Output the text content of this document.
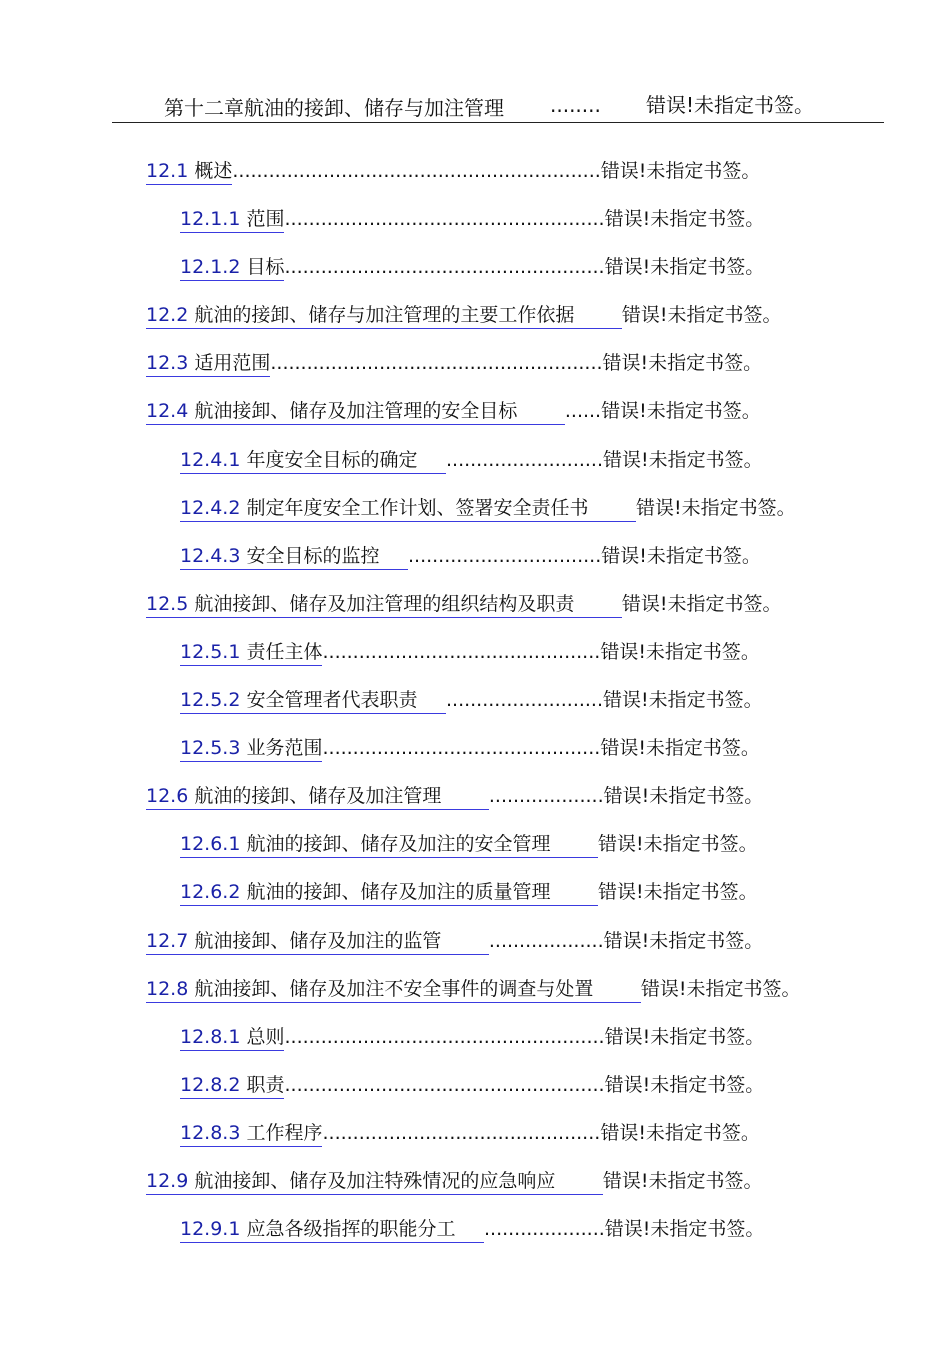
第十二章航油的接卸、储存与加注管理 ........ 错误!未指定书签。
12.1 概述 ............................................................. 错误!未指定书签。
12.1.1 范围 ..................................................... 错误!未指定书签。
12.1.2 目标 ..................................................... 错误!未指定书签。
12.2 航油的接卸、储存与加注管理的主要工作依据     错误!未指定书签。
12.3 适用范围 ....................................................... 错误!未指定书签。
12.4 航油接卸、储存及加注管理的安全目标     ...... 错误!未指定书签。
12.4.1 年度安全目标的确定   .......................... 错误!未指定书签。
12.4.2 制定年度安全工作计划、签署安全责任书     错误!未指定书签。
12.4.3 安全目标的监控   ................................ 错误!未指定书签。
12.5 航油接卸、储存及加注管理的组织结构及职责     错误!未指定书签。
12.5.1 责任主体 .............................................. 错误!未指定书签。
12.5.2 安全管理者代表职责   .......................... 错误!未指定书签。
12.5.3 业务范围 .............................................. 错误!未指定书签。
12.6 航油的接卸、储存及加注管理     ................... 错误!未指定书签。
12.6.1 航油的接卸、储存及加注的安全管理     错误!未指定书签。
12.6.2 航油的接卸、储存及加注的质量管理     错误!未指定书签。
12.7 航油接卸、储存及加注的监管     ................... 错误!未指定书签。
12.8 航油接卸、储存及加注不安全事件的调查与处置     错误!未指定书签。
12.8.1 总则 ..................................................... 错误!未指定书签。
12.8.2 职责 ..................................................... 错误!未指定书签。
12.8.3 工作程序 .............................................. 错误!未指定书签。
12.9 航油接卸、储存及加注特殊情况的应急响应     错误!未指定书签。
12.9.1 应急各级指挥的职能分工   .................... 错误!未指定书签。
